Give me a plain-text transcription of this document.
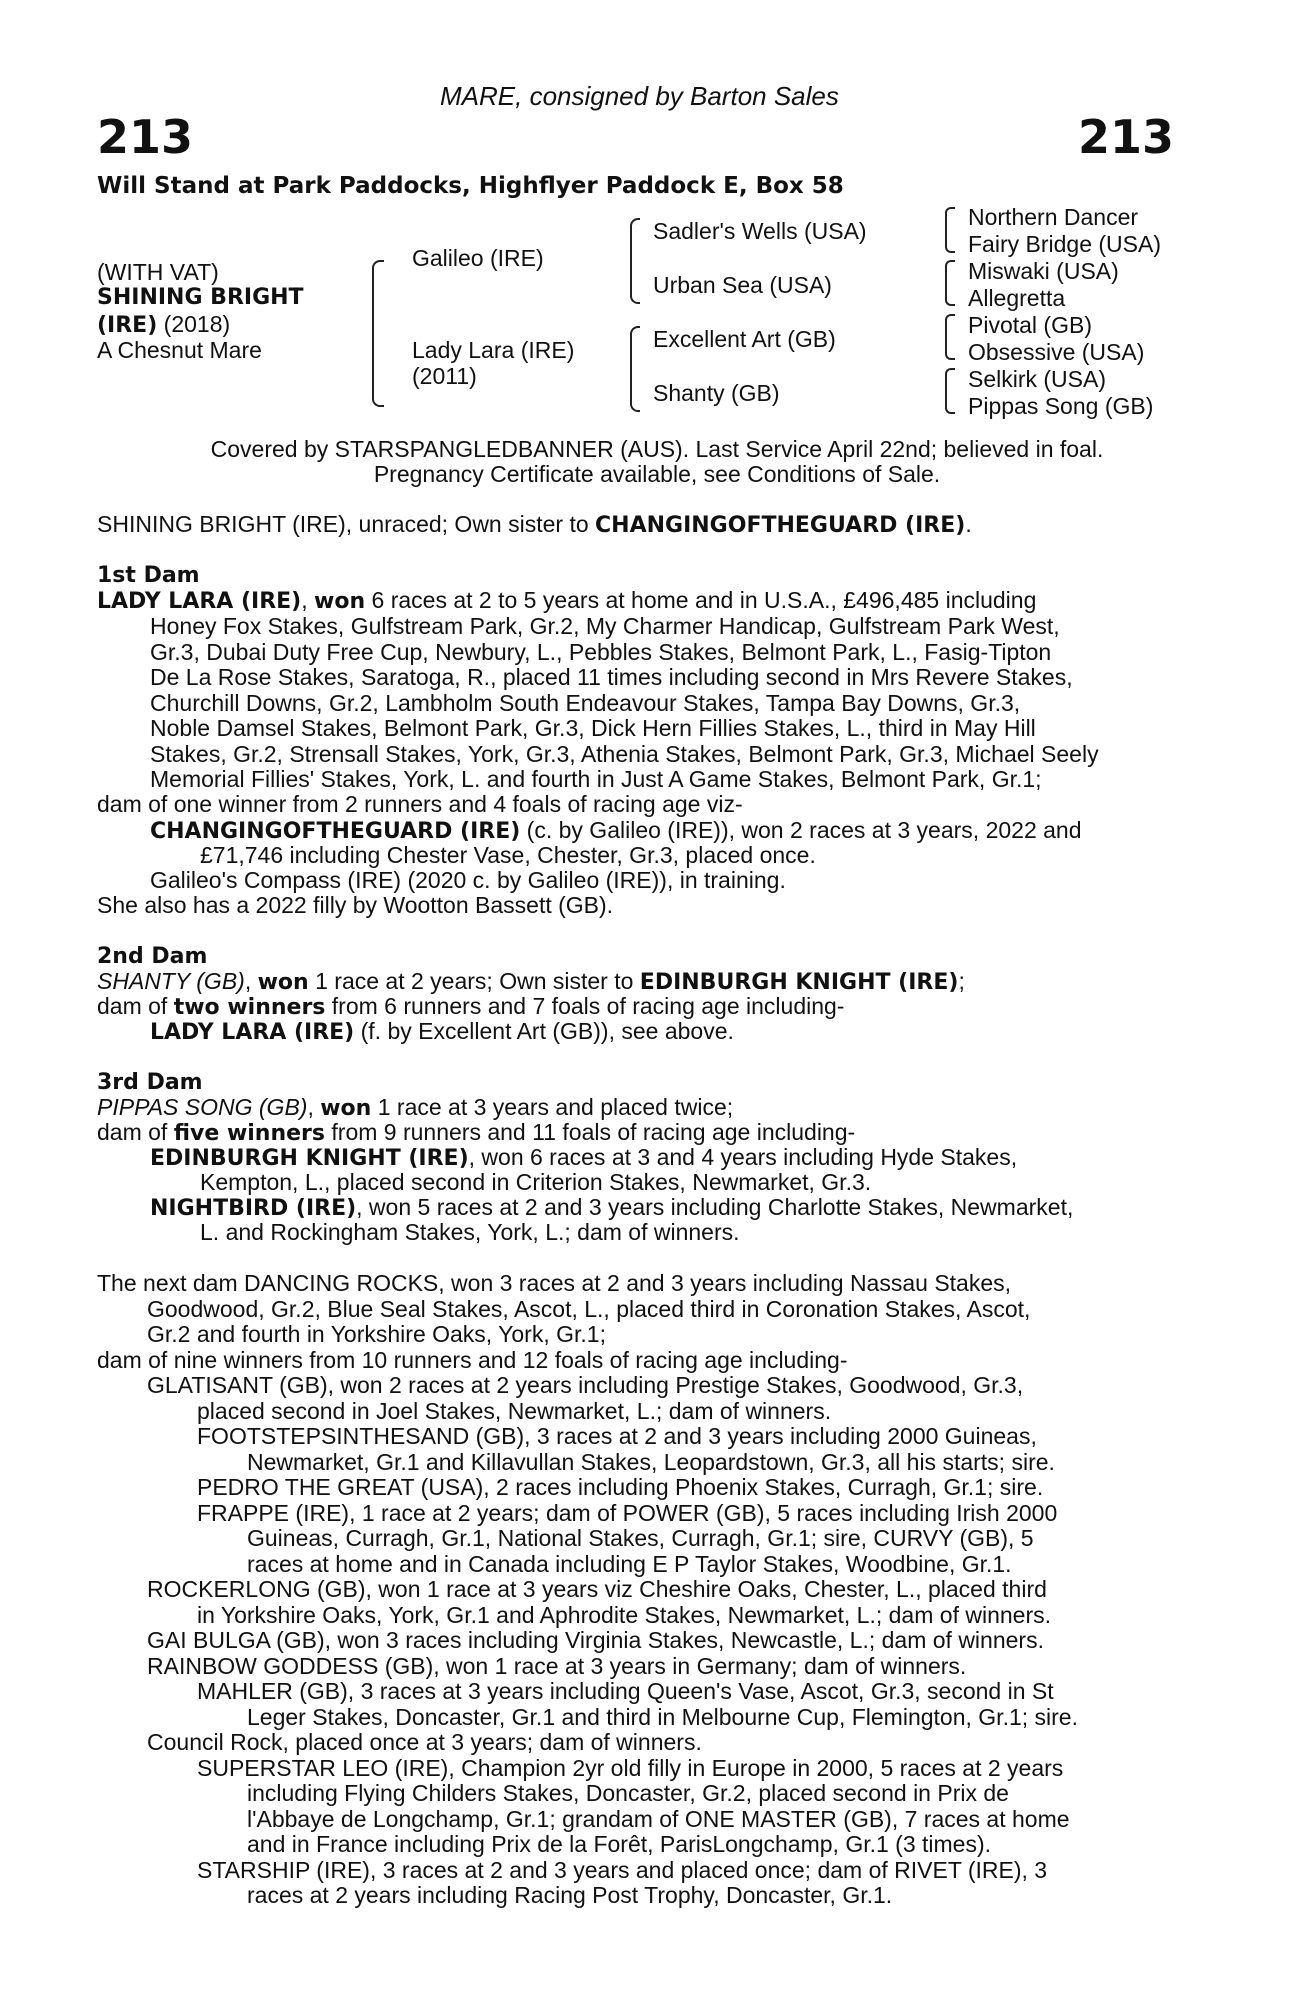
MARE, consigned by Barton Sales
213	213
Will Stand at Park Paddocks, Highflyer Paddock E, Box 58
(WITH VAT)
SHINING BRIGHT
(IRE) (2018)
A Chesnut Mare
Galileo (IRE)
Lady Lara (IRE)
(2011)
Sadler's Wells (USA)
Urban Sea (USA)
Excellent Art (GB)
Shanty (GB)
Northern Dancer
Fairy Bridge (USA)
Miswaki (USA)
Allegretta
Pivotal (GB)
Obsessive (USA)
Selkirk (USA)
Pippas Song (GB)
Covered by STARSPANGLEDBANNER (AUS). Last Service April 22nd; believed in foal.
Pregnancy Certificate available, see Conditions of Sale.
SHINING BRIGHT (IRE), unraced; Own sister to CHANGINGOFTHEGUARD (IRE).
1st Dam
LADY LARA (IRE), won 6 races at 2 to 5 years at home and in U.S.A., £496,485 including
Honey Fox Stakes, Gulfstream Park, Gr.2, My Charmer Handicap, Gulfstream Park West,
Gr.3, Dubai Duty Free Cup, Newbury, L., Pebbles Stakes, Belmont Park, L., Fasig-Tipton
De La Rose Stakes, Saratoga, R., placed 11 times including second in Mrs Revere Stakes,
Churchill Downs, Gr.2, Lambholm South Endeavour Stakes, Tampa Bay Downs, Gr.3,
Noble Damsel Stakes, Belmont Park, Gr.3, Dick Hern Fillies Stakes, L., third in May Hill
Stakes, Gr.2, Strensall Stakes, York, Gr.3, Athenia Stakes, Belmont Park, Gr.3, Michael Seely
Memorial Fillies' Stakes, York, L. and fourth in Just A Game Stakes, Belmont Park, Gr.1;
dam of one winner from 2 runners and 4 foals of racing age viz-
CHANGINGOFTHEGUARD (IRE) (c. by Galileo (IRE)), won 2 races at 3 years, 2022 and
£71,746 including Chester Vase, Chester, Gr.3, placed once.
Galileo's Compass (IRE) (2020 c. by Galileo (IRE)), in training.
She also has a 2022 filly by Wootton Bassett (GB).
2nd Dam
SHANTY (GB), won 1 race at 2 years; Own sister to EDINBURGH KNIGHT (IRE);
dam of two winners from 6 runners and 7 foals of racing age including-
LADY LARA (IRE) (f. by Excellent Art (GB)), see above.
3rd Dam
PIPPAS SONG (GB), won 1 race at 3 years and placed twice;
dam of five winners from 9 runners and 11 foals of racing age including-
EDINBURGH KNIGHT (IRE), won 6 races at 3 and 4 years including Hyde Stakes,
Kempton, L., placed second in Criterion Stakes, Newmarket, Gr.3.
NIGHTBIRD (IRE), won 5 races at 2 and 3 years including Charlotte Stakes, Newmarket,
L. and Rockingham Stakes, York, L.; dam of winners.
The next dam DANCING ROCKS, won 3 races at 2 and 3 years including Nassau Stakes,
Goodwood, Gr.2, Blue Seal Stakes, Ascot, L., placed third in Coronation Stakes, Ascot,
Gr.2 and fourth in Yorkshire Oaks, York, Gr.1;
dam of nine winners from 10 runners and 12 foals of racing age including-
GLATISANT (GB), won 2 races at 2 years including Prestige Stakes, Goodwood, Gr.3,
placed second in Joel Stakes, Newmarket, L.; dam of winners.
FOOTSTEPSINTHESAND (GB), 3 races at 2 and 3 years including 2000 Guineas,
Newmarket, Gr.1 and Killavullan Stakes, Leopardstown, Gr.3, all his starts; sire.
PEDRO THE GREAT (USA), 2 races including Phoenix Stakes, Curragh, Gr.1; sire.
FRAPPE (IRE), 1 race at 2 years; dam of POWER (GB), 5 races including Irish 2000
Guineas, Curragh, Gr.1, National Stakes, Curragh, Gr.1; sire, CURVY (GB), 5
races at home and in Canada including E P Taylor Stakes, Woodbine, Gr.1.
ROCKERLONG (GB), won 1 race at 3 years viz Cheshire Oaks, Chester, L., placed third
in Yorkshire Oaks, York, Gr.1 and Aphrodite Stakes, Newmarket, L.; dam of winners.
GAI BULGA (GB), won 3 races including Virginia Stakes, Newcastle, L.; dam of winners.
RAINBOW GODDESS (GB), won 1 race at 3 years in Germany; dam of winners.
MAHLER (GB), 3 races at 3 years including Queen's Vase, Ascot, Gr.3, second in St
Leger Stakes, Doncaster, Gr.1 and third in Melbourne Cup, Flemington, Gr.1; sire.
Council Rock, placed once at 3 years; dam of winners.
SUPERSTAR LEO (IRE), Champion 2yr old filly in Europe in 2000, 5 races at 2 years
including Flying Childers Stakes, Doncaster, Gr.2, placed second in Prix de
l'Abbaye de Longchamp, Gr.1; grandam of ONE MASTER (GB), 7 races at home
and in France including Prix de la Forêt, ParisLongchamp, Gr.1 (3 times).
STARSHIP (IRE), 3 races at 2 and 3 years and placed once; dam of RIVET (IRE), 3
races at 2 years including Racing Post Trophy, Doncaster, Gr.1.
